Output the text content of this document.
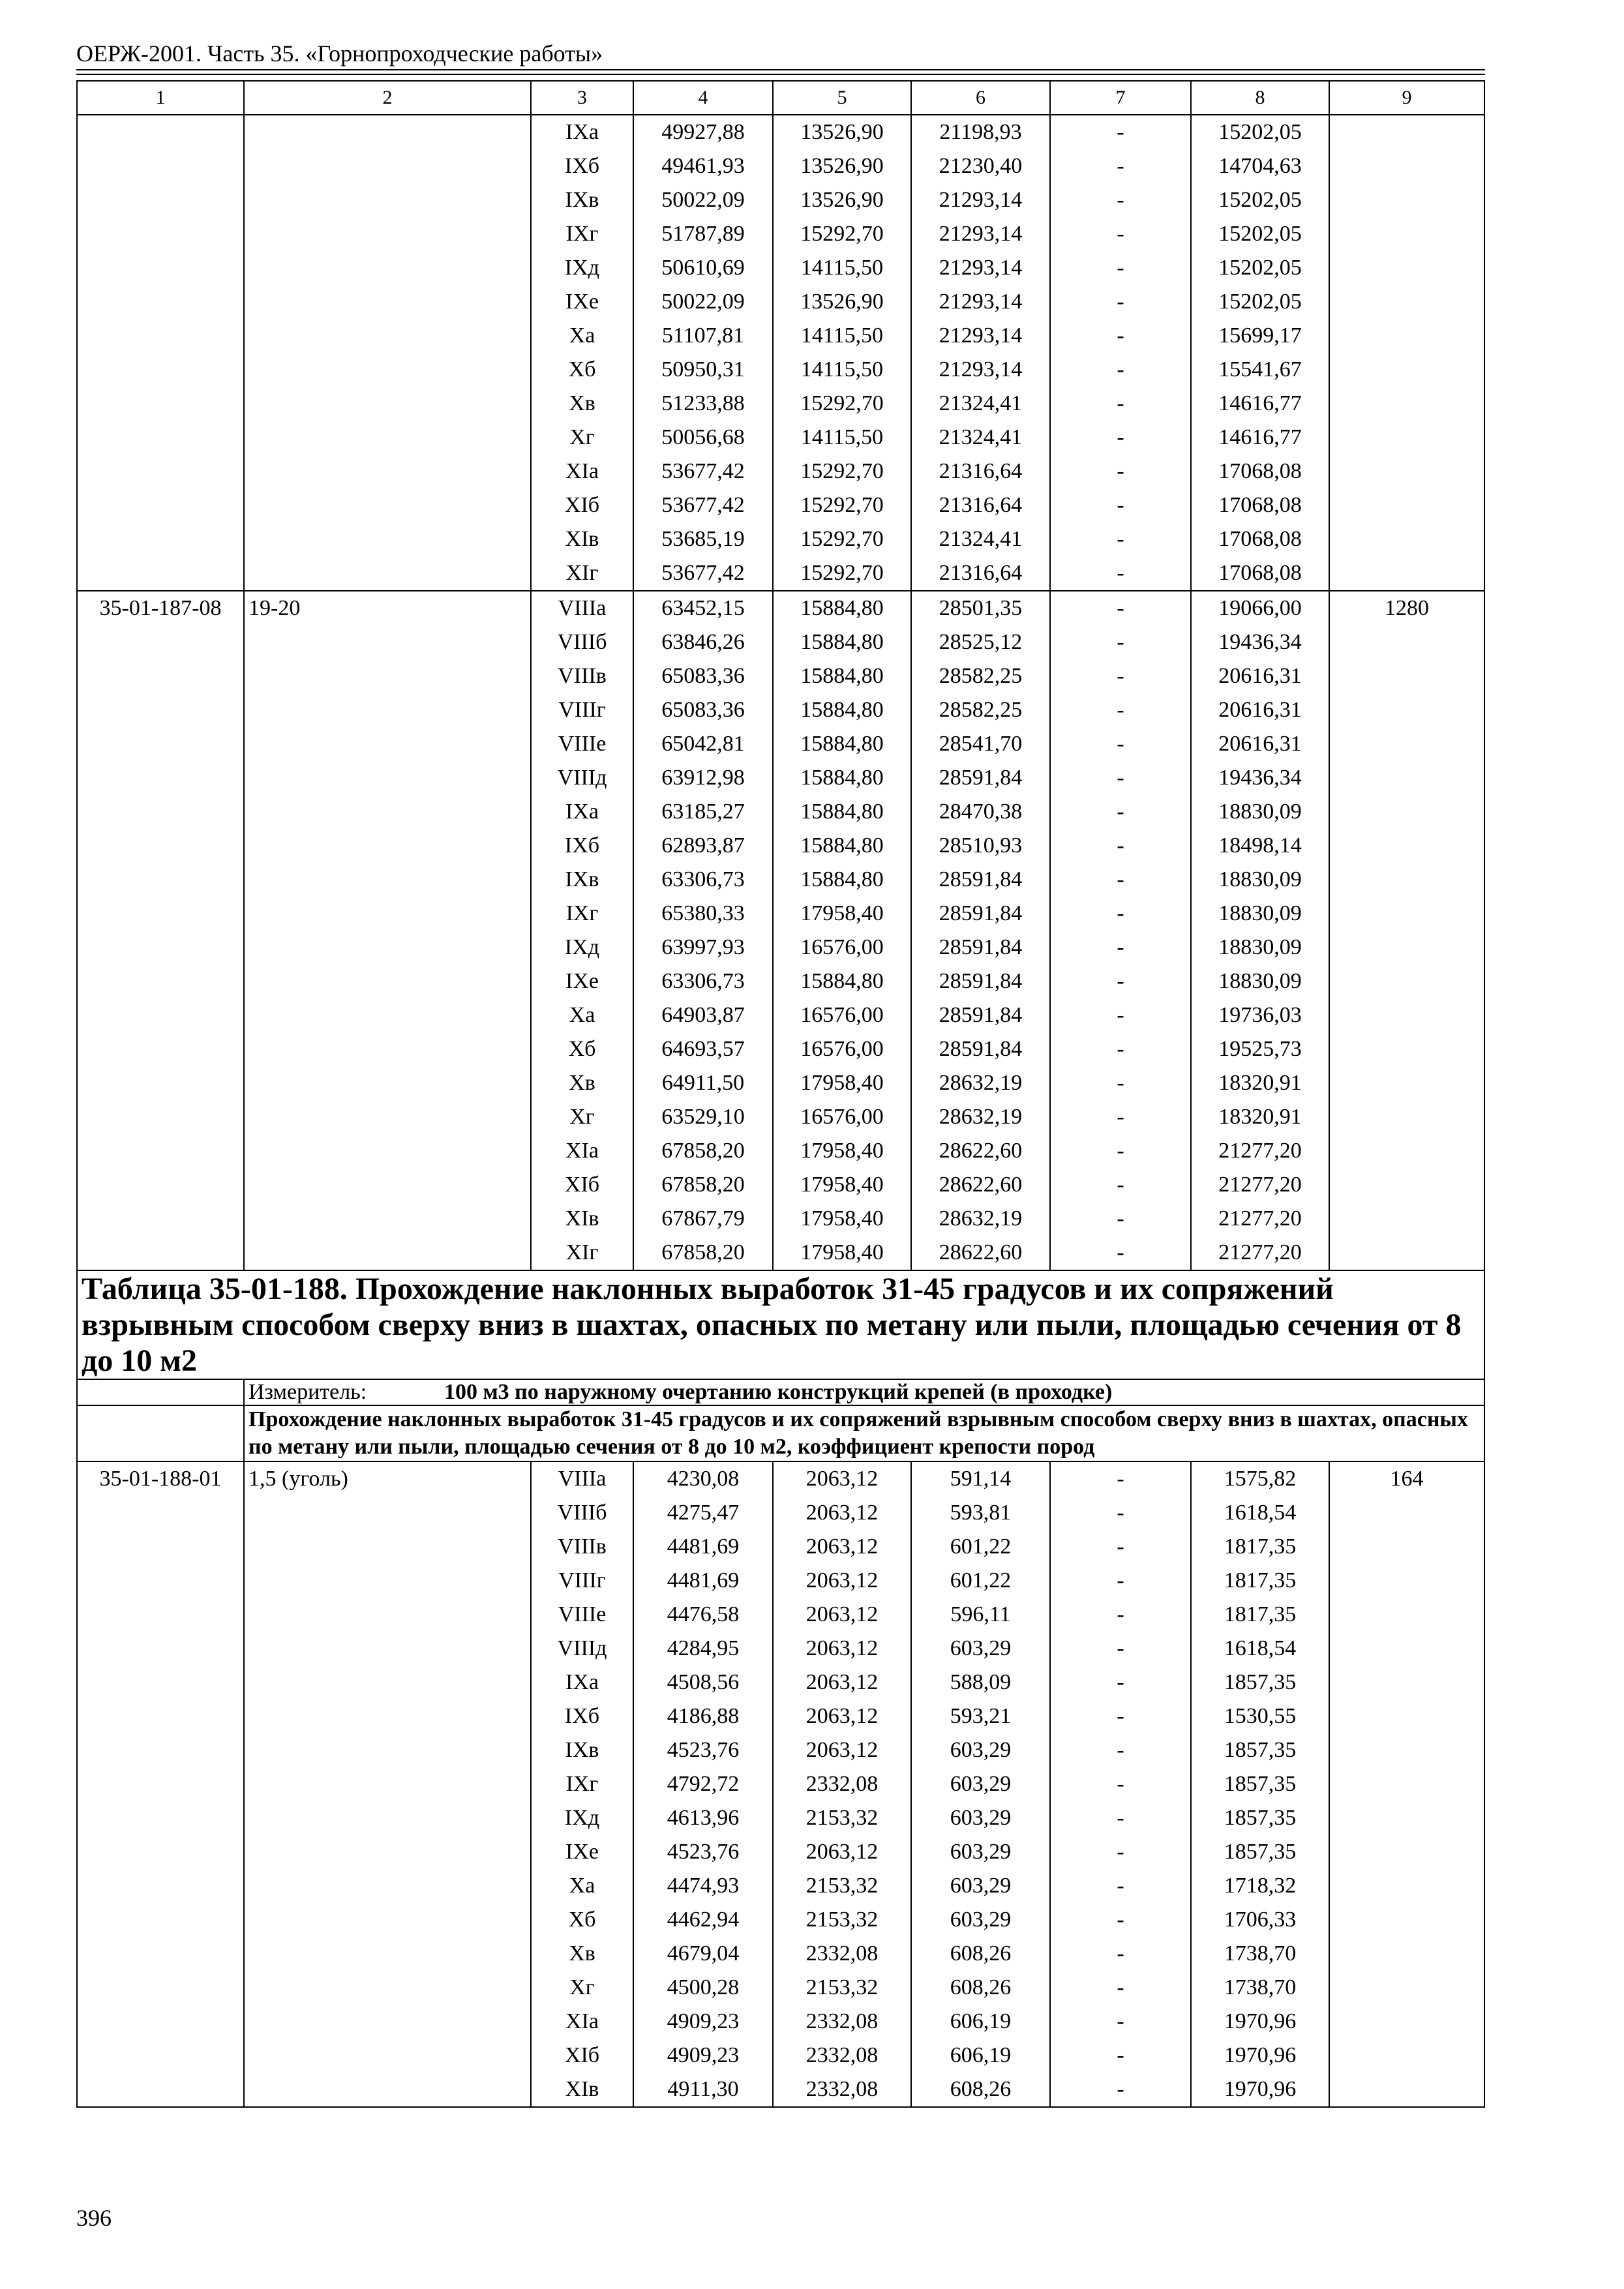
ОЕРЖ-2001. Часть 35. «Горнопроходческие работы»
1	2	3	4	5	6	7	8	9
		IXа	49927,88	13526,90	21198,93	-	15202,05	
		IXб	49461,93	13526,90	21230,40	-	14704,63	
		IXв	50022,09	13526,90	21293,14	-	15202,05	
		IXг	51787,89	15292,70	21293,14	-	15202,05	
		IXд	50610,69	14115,50	21293,14	-	15202,05	
		IXе	50022,09	13526,90	21293,14	-	15202,05	
		Xа	51107,81	14115,50	21293,14	-	15699,17	
		Xб	50950,31	14115,50	21293,14	-	15541,67	
		Xв	51233,88	15292,70	21324,41	-	14616,77	
		Xг	50056,68	14115,50	21324,41	-	14616,77	
		XIа	53677,42	15292,70	21316,64	-	17068,08	
		XIб	53677,42	15292,70	21316,64	-	17068,08	
		XIв	53685,19	15292,70	21324,41	-	17068,08	
		XIг	53677,42	15292,70	21316,64	-	17068,08	
35-01-187-08	19-20	VIIIа	63452,15	15884,80	28501,35	-	19066,00	1280
		VIIIб	63846,26	15884,80	28525,12	-	19436,34	
		VIIIв	65083,36	15884,80	28582,25	-	20616,31	
		VIIIг	65083,36	15884,80	28582,25	-	20616,31	
		VIIIе	65042,81	15884,80	28541,70	-	20616,31	
		VIIIд	63912,98	15884,80	28591,84	-	19436,34	
		IXа	63185,27	15884,80	28470,38	-	18830,09	
		IXб	62893,87	15884,80	28510,93	-	18498,14	
		IXв	63306,73	15884,80	28591,84	-	18830,09	
		IXг	65380,33	17958,40	28591,84	-	18830,09	
		IXд	63997,93	16576,00	28591,84	-	18830,09	
		IXе	63306,73	15884,80	28591,84	-	18830,09	
		Xа	64903,87	16576,00	28591,84	-	19736,03	
		Xб	64693,57	16576,00	28591,84	-	19525,73	
		Xв	64911,50	17958,40	28632,19	-	18320,91	
		Xг	63529,10	16576,00	28632,19	-	18320,91	
		XIа	67858,20	17958,40	28622,60	-	21277,20	
		XIб	67858,20	17958,40	28622,60	-	21277,20	
		XIв	67867,79	17958,40	28632,19	-	21277,20	
		XIг	67858,20	17958,40	28622,60	-	21277,20	
Таблица 35-01-188. Прохождение наклонных выработок 31-45 градусов и их сопряжений взрывным способом сверху вниз в шахтах, опасных по метану или пыли, площадью сечения от 8 до 10 м2								
	Измеритель: 100 м3 по наружному очертанию конструкций крепей (в проходке)							
	Прохождение наклонных выработок 31-45 градусов и их сопряжений взрывным способом сверху вниз в шахтах, опасных по метану или пыли, площадью сечения от 8 до 10 м2, коэффициент крепости пород							
35-01-188-01	1,5 (уголь)	VIIIа	4230,08	2063,12	591,14	-	1575,82	164
		VIIIб	4275,47	2063,12	593,81	-	1618,54	
		VIIIв	4481,69	2063,12	601,22	-	1817,35	
		VIIIг	4481,69	2063,12	601,22	-	1817,35	
		VIIIе	4476,58	2063,12	596,11	-	1817,35	
		VIIIд	4284,95	2063,12	603,29	-	1618,54	
		IXа	4508,56	2063,12	588,09	-	1857,35	
		IXб	4186,88	2063,12	593,21	-	1530,55	
		IXв	4523,76	2063,12	603,29	-	1857,35	
		IXг	4792,72	2332,08	603,29	-	1857,35	
		IXд	4613,96	2153,32	603,29	-	1857,35	
		IXе	4523,76	2063,12	603,29	-	1857,35	
		Xа	4474,93	2153,32	603,29	-	1718,32	
		Xб	4462,94	2153,32	603,29	-	1706,33	
		Xв	4679,04	2332,08	608,26	-	1738,70	
		Xг	4500,28	2153,32	608,26	-	1738,70	
		XIа	4909,23	2332,08	606,19	-	1970,96	
		XIб	4909,23	2332,08	606,19	-	1970,96	
		XIв	4911,30	2332,08	608,26	-	1970,96	
396
